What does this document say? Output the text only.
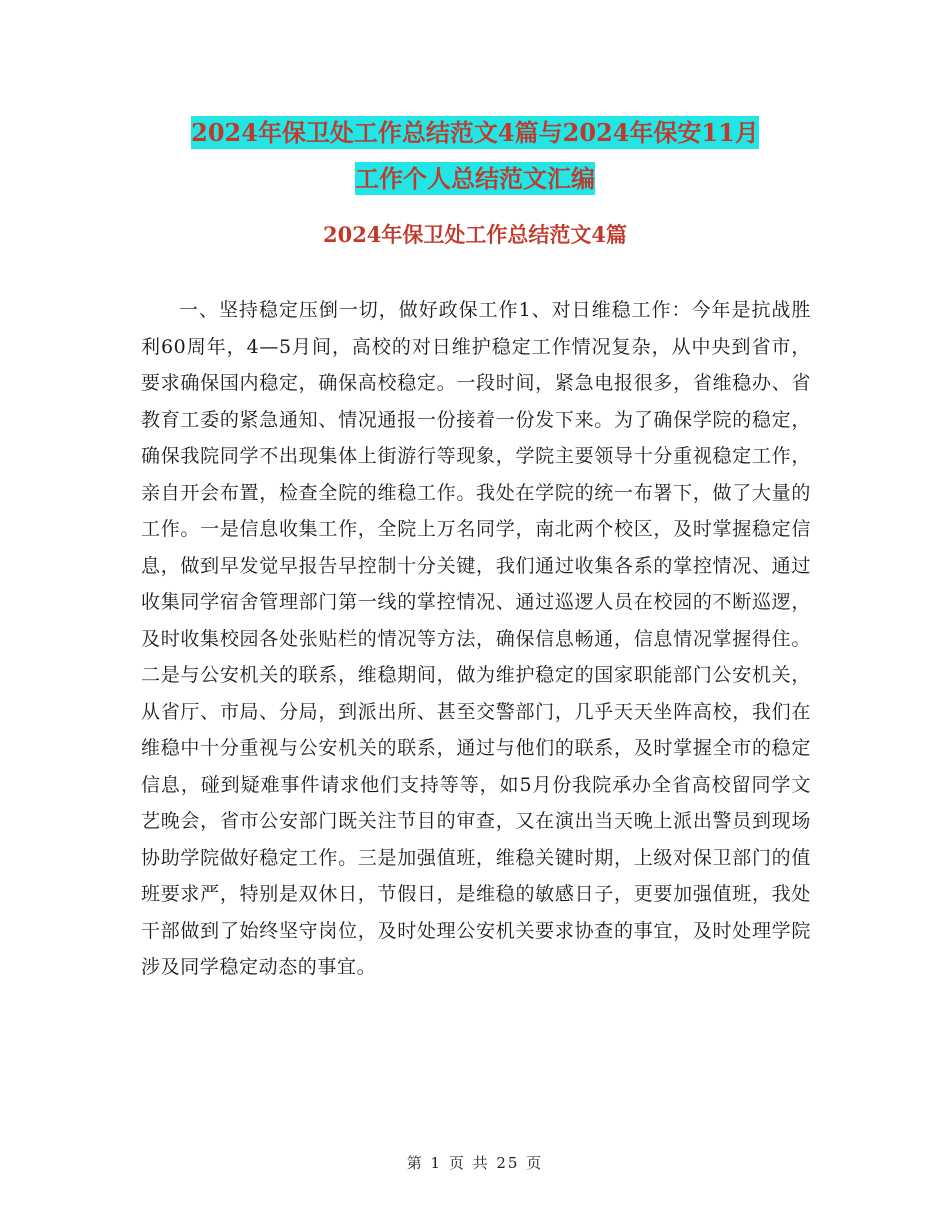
2024年保卫处工作总结范文4篇与2024年保安11月
工作个人总结范文汇编
2024年保卫处工作总结范文4篇

一、坚持稳定压倒一切，做好政保工作1、对日维稳工作：今年是抗战胜利60周年，4—5月间，高校的对日维护稳定工作情况复杂，从中央到省市，要求确保国内稳定，确保高校稳定。一段时间，紧急电报很多，省维稳办、省教育工委的紧急通知、情况通报一份接着一份发下来。为了确保学院的稳定，确保我院同学不出现集体上街游行等现象，学院主要领导十分重视稳定工作，亲自开会布置，检查全院的维稳工作。我处在学院的统一布署下，做了大量的工作。一是信息收集工作，全院上万名同学，南北两个校区，及时掌握稳定信息，做到早发觉早报告早控制十分关键，我们通过收集各系的掌控情况、通过收集同学宿舍管理部门第一线的掌控情况、通过巡逻人员在校园的不断巡逻，及时收集校园各处张贴栏的情况等方法，确保信息畅通，信息情况掌握得住。二是与公安机关的联系，维稳期间，做为维护稳定的国家职能部门公安机关，从省厅、市局、分局，到派出所、甚至交警部门，几乎天天坐阵高校，我们在维稳中十分重视与公安机关的联系，通过与他们的联系，及时掌握全市的稳定信息，碰到疑难事件请求他们支持等等，如5月份我院承办全省高校留同学文艺晚会，省市公安部门既关注节目的审查，又在演出当天晚上派出警员到现场协助学院做好稳定工作。三是加强值班，维稳关键时期，上级对保卫部门的值班要求严，特别是双休日，节假日，是维稳的敏感日子，更要加强值班，我处干部做到了始终坚守岗位，及时处理公安机关要求协查的事宜，及时处理学院涉及同学稳定动态的事宜。

第 1 页 共 25 页
